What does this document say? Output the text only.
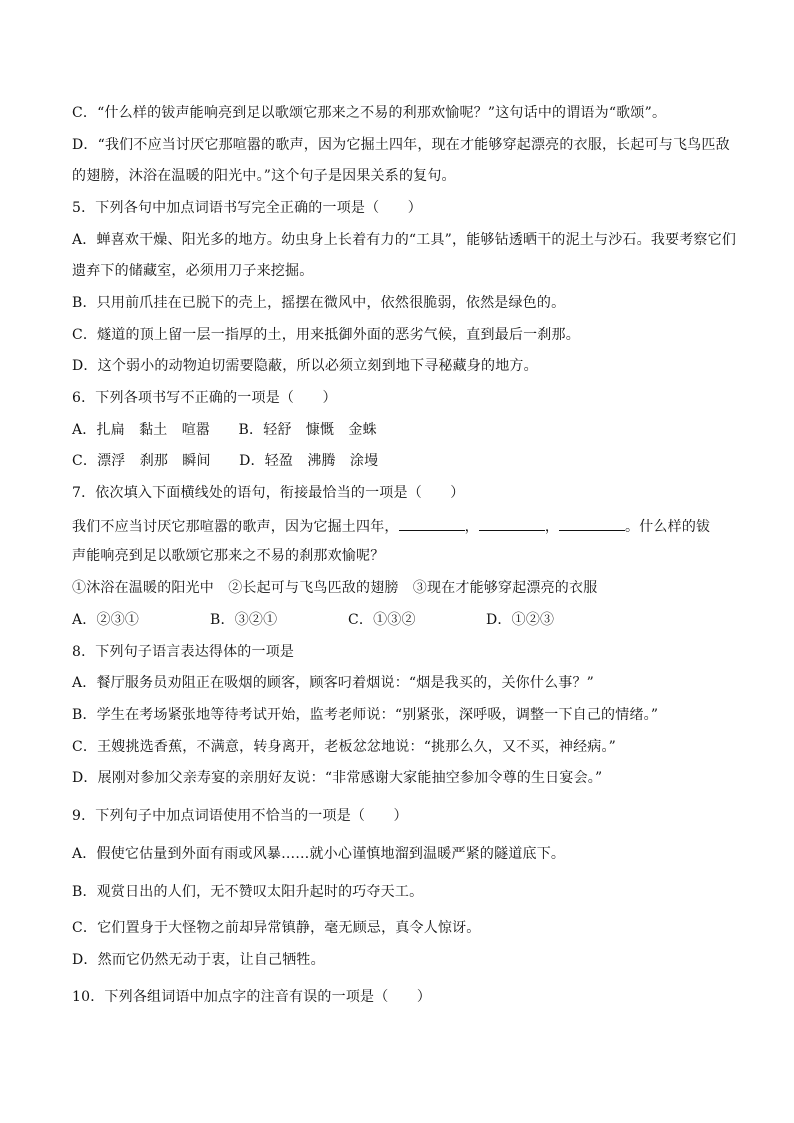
C．“什么样的钹声能响亮到足以歌颂它那来之不易的利那欢愉呢？”这句话中的谓语为“歌颂”。
D．“我们不应当讨厌它那喧嚣的歌声，因为它掘土四年，现在才能够穿起漂亮的衣服，长起可与飞鸟匹敌
的翅膀，沐浴在温暖的阳光中。”这个句子是因果关系的复句。
5．下列各句中加点词语书写完全正确的一项是（　　）
A．蝉喜欢干燥、阳光多的地方。幼虫身上长着有力的“工具”，能够钻透晒干的泥土与沙石。我要考察它们
遗弃下的储藏室，必须用刀子来挖掘。
B．只用前爪挂在已脱下的壳上，摇摆在微风中，依然很脆弱，依然是绿色的。
C．燧道的顶上留一层一指厚的土，用来抵御外面的恶劣气候，直到最后一刹那。
D．这个弱小的动物迫切需要隐蔽，所以必须立刻到地下寻秘藏身的地方。
6．下列各项书写不正确的一项是（　　）
A．扎扁　黏土　喧嚣　　B．轻舒　慷慨　金蛛
C．漂浮　刹那　瞬间　　D．轻盈　沸腾　涂墁
7．依次填入下面横线处的语句，衔接最恰当的一项是（　　）
我们不应当讨厌它那喧嚣的歌声，因为它掘土四年，	，	，	。什么样的钹
声能响亮到足以歌颂它那来之不易的刹那欢愉呢？
①沐浴在温暖的阳光中　②长起可与飞鸟匹敌的翅膀　③现在才能够穿起漂亮的衣服
A．②③①	B．③②①	C．①③②	D．①②③
8．下列句子语言表达得体的一项是
A．餐厅服务员劝阻正在吸烟的顾客，顾客叼着烟说：“烟是我买的，关你什么事？”
B．学生在考场紧张地等待考试开始，监考老师说：“别紧张，深呼吸，调整一下自己的情绪。”
C．王嫂挑选香蕉，不满意，转身离开，老板忿忿地说：“挑那么久，又不买，神经病。”
D．展刚对参加父亲寿宴的亲朋好友说：“非常感谢大家能抽空参加令尊的生日宴会。”
9．下列句子中加点词语使用不恰当的一项是（　　）
A．假使它估量到外面有雨或风暴……就小心谨慎地溜到温暖严紧的隧道底下。
B．观赏日出的人们，无不赞叹太阳升起时的巧夺天工。
C．它们置身于大怪物之前却异常镇静，毫无顾忌，真令人惊讶。
D．然而它仍然无动于衷，让自己牺牲。
10．下列各组词语中加点字的注音有误的一项是（　　）
